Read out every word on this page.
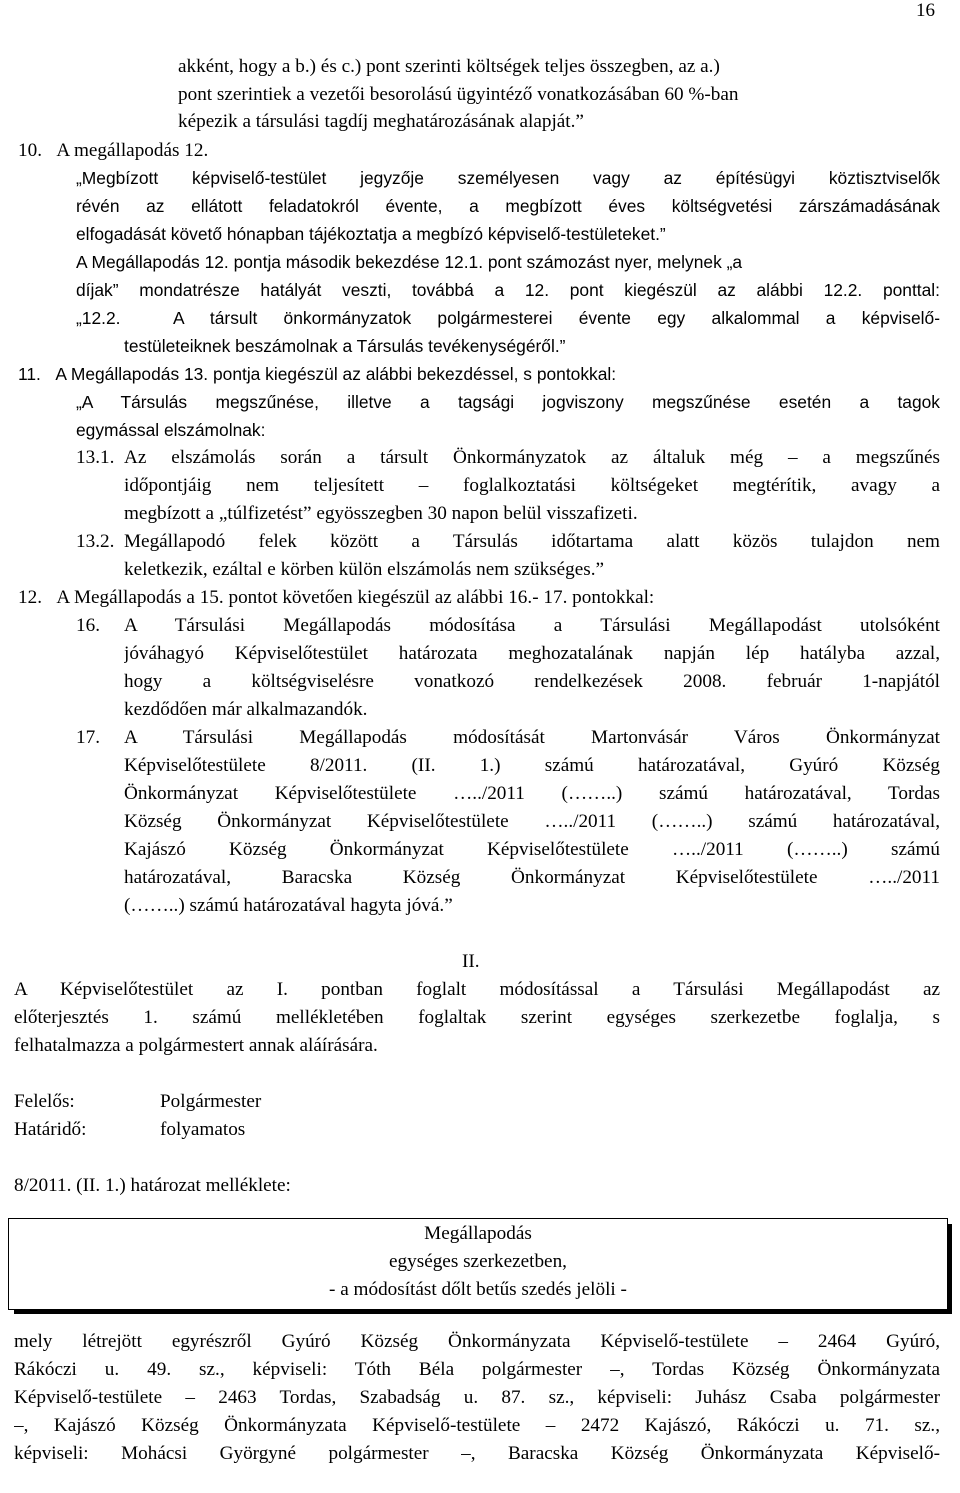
16
akként, hogy a b.) és c.) pont szerinti költségek teljes összegben, az a.)
pont szerintiek a vezetői besorolású ügyintéző vonatkozásában 60 %-ban
képezik a társulási tagdíj meghatározásának alapját.”
10.   A megállapodás 12.
„Megbízott képviselő-testület jegyzője személyesen vagy az építésügyi köztisztviselők
révén az ellátott feladatokról évente, a megbízott éves költségvetési zárszámadásának
elfogadását követő hónapban tájékoztatja a megbízó képviselő-testületeket.”
A Megállapodás 12. pontja második bekezdése 12.1. pont számozást nyer, melynek „a
díjak” mondatrésze hatályát veszti, továbbá a 12. pont kiegészül az alábbi 12.2. ponttal:
„12.2.  A társult önkormányzatok polgármesterei évente egy alkalommal a képviselő-
testületeiknek beszámolnak a Társulás tevékenységéről.”
11.   A Megállapodás 13. pontja kiegészül az alábbi bekezdéssel, s pontokkal:
„A Társulás megszűnése, illetve a tagsági jogviszony megszűnése esetén a tagok
egymással elszámolnak:
13.1. Az elszámolás során a társult Önkormányzatok az általuk még – a megszűnés
időpontjáig nem teljesített – foglalkoztatási költségeket megtérítik, avagy a
megbízott a „túlfizetést” egyösszegben 30 napon belül visszafizeti.
13.2. Megállapodó felek között a Társulás időtartama alatt közös tulajdon nem
keletkezik, ezáltal e körben külön elszámolás nem szükséges.”
12.   A Megállapodás a 15. pontot követően kiegészül az alábbi 16.- 17. pontokkal:
16. A Társulási Megállapodás módosítása a Társulási Megállapodást utolsóként
jóváhagyó Képviselőtestület határozata meghozatalának napján lép hatályba azzal,
hogy a költségviselésre vonatkozó rendelkezések 2008. február 1-napjától
kezdődően már alkalmazandók.
17. A Társulási Megállapodás módosítását Martonvásár Város Önkormányzat
Képviselőtestülete 8/2011. (II. 1.) számú határozatával, Gyúró Község
Önkormányzat Képviselőtestülete …../2011 (……..) számú határozatával, Tordas
Község Önkormányzat Képviselőtestülete …../2011 (……..) számú határozatával,
Kajászó Község Önkormányzat Képviselőtestülete …../2011 (……..) számú
határozatával, Baracska Község Önkormányzat Képviselőtestülete …../2011
(……..) számú határozatával hagyta jóvá.”
II.
A Képviselőtestület az I. pontban foglalt módosítással a Társulási Megállapodást az
előterjesztés 1. számú mellékletében foglaltak szerint egységes szerkezetbe foglalja, s
felhatalmazza a polgármestert annak aláírására.
Felelős:	Polgármester
Határidő:	folyamatos
8/2011. (II. 1.) határozat melléklete:
mely létrejött egyrészről Gyúró Község Önkormányzata Képviselő-testülete – 2464 Gyúró,
Rákóczi u. 49. sz., képviseli: Tóth Béla polgármester –, Tordas Község Önkormányzata
Képviselő-testülete – 2463 Tordas, Szabadság u. 87. sz., képviseli: Juhász Csaba polgármester
–, Kajászó Község Önkormányzata Képviselő-testülete – 2472 Kajászó, Rákóczi u. 71. sz.,
képviseli: Mohácsi Györgyné polgármester –, Baracska Község Önkormányzata Képviselő-
Megállapodás
egységes szerkezetben,
- a módosítást dőlt betűs szedés jelöli -
